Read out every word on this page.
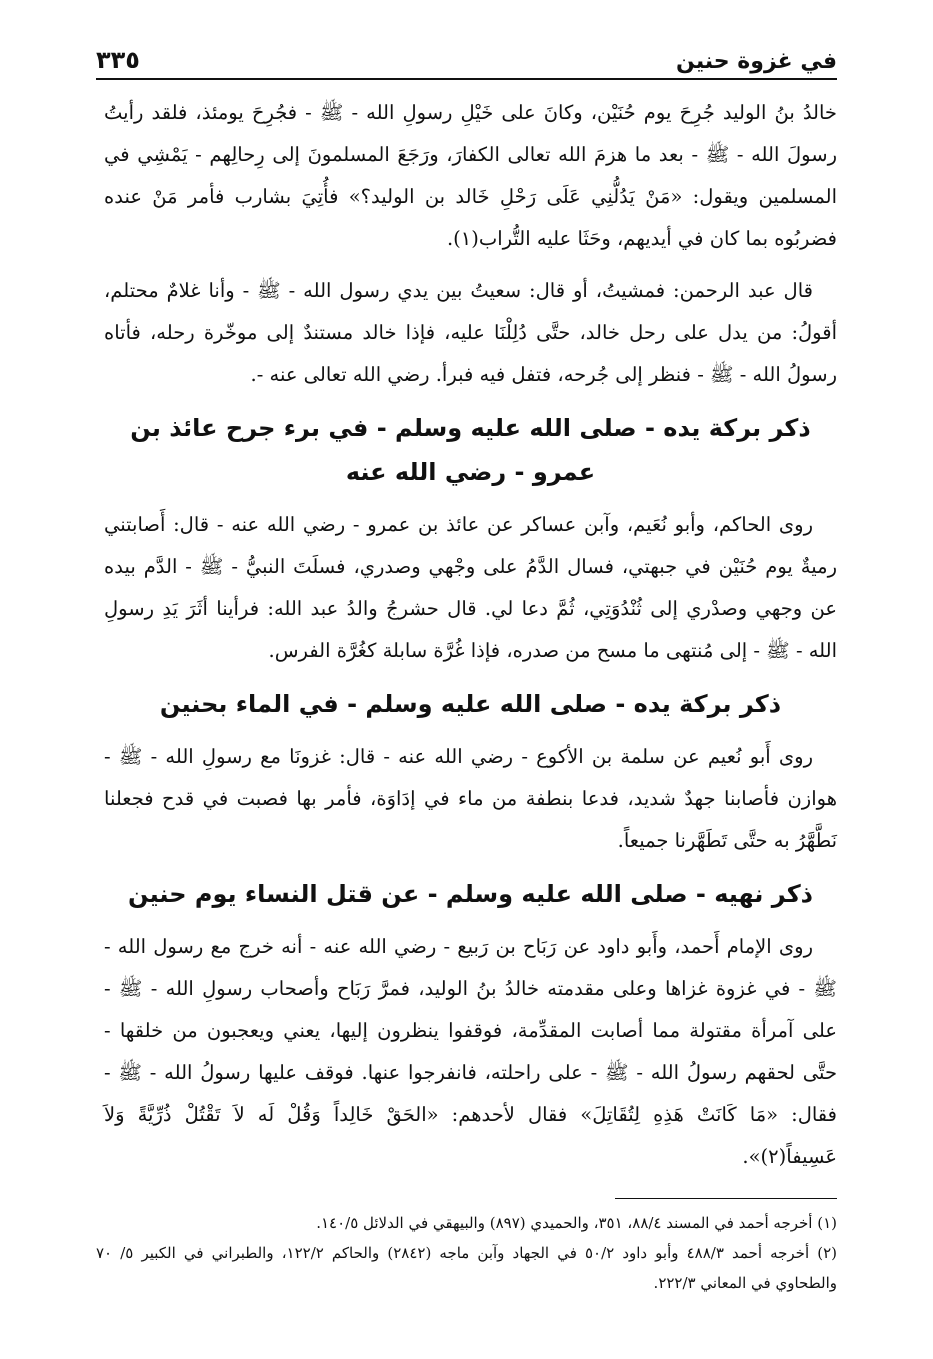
في غزوة حنين
٣٣٥

خالدُ بنُ الوليد جُرِحَ يوم حُنَيْن، وكانَ على خَيْلِ رسولِ الله - ﷺ - فجُرِحَ يومئذ، فلقد رأيتُ رسولَ الله - ﷺ - بعد ما هزمَ الله تعالى الكفارَ، ورَجَعَ المسلمونَ إلى رِحالِهم - يَمْشِي في المسلمين ويقول: «مَنْ يَدُلُّنِي عَلَى رَحْلِ خَالد بن الوليد؟» فأُتِيَ بشارب فأمر مَنْ عنده فضربُوه بما كان في أيديهم، وحَثَا عليه التُّراب(١).

قال عبد الرحمن: فمشيتُ، أو قال: سعيتُ بين يدي رسول الله - ﷺ - وأنا غلامٌ محتلم، أقولُ: من يدل على رحل خالد، حتَّى دُلِلْنَا عليه، فإذا خالد مستندٌ إلى موخّرة رحله، فأتاه رسولُ الله - ﷺ - فنظر إلى جُرحه، فتفل فيه فبرأ. رضي الله تعالى عنه -.

ذكر بركة يده - صلى الله عليه وسلم - في برء جرح عائذ بن عمرو - رضي الله عنه

روى الحاكم، وأبو نُعَيم، وآبن عساكر عن عائذ بن عمرو - رضي الله عنه - قال: أَصابتني رميةٌ يوم حُنَيْن في جبهتي، فسال الدَّمُ على وجْهي وصدري، فسلَتَ النبيُّ - ﷺ - الدَّم بيده عن وجهي وصدْري إلى ثُنْدُوَتِي، ثُمَّ دعا لي. قال حشرجُ والدُ عبد الله: فرأينا أثَرَ يَدِ رسولِ الله - ﷺ - إلى مُنتهى ما مسح من صدره، فإذا غُرَّة سابلة كغُرَّة الفرس.

ذكر بركة يده - صلى الله عليه وسلم - في الماء بحنين

روى أَبو نُعيم عن سلمة بن الأكوع - رضي الله عنه - قال: غزونَا مع رسولِ الله - ﷺ - هوازن فأصابنا جهدٌ شديد، فدعا بنطفة من ماء في إدَاوَة، فأمر بها فصبت في قدح فجعلنا نَطَّهَّرُ به حتَّى تَطَهَّرنا جميعاً.

ذكر نهيه - صلى الله عليه وسلم - عن قتل النساء يوم حنين

روى الإمام أَحمد، وأَبو داود عن رَبَاح بن رَبيع - رضي الله عنه - أنه خرج مع رسول الله - ﷺ - في غزوة غزاها وعلى مقدمته خالدُ بنُ الوليد، فمرَّ رَبَاح وأصحاب رسولِ الله - ﷺ - على آمرأة مقتولة مما أصابت المقدِّمة، فوقفوا ينظرون إليها، يعني ويعجبون من خلقها - حتَّى لحقهم رسولُ الله - ﷺ - على راحلته، فانفرجوا عنها. فوقف عليها رسولُ الله - ﷺ - فقال: «مَا كَانَتْ هَذِهِ لِتُقَاتِلَ» فقال لأحدهم: «الحَقْ خَالِداً وَقُلْ لَه لاَ تَقْتُلْ ذُرِّيَّةً وَلاَ عَسِيفاً(٢)».

(١) أخرجه أحمد في المسند ٨٨/٤، ٣٥١، والحميدي (٨٩٧) والبيهقي في الدلائل ١٤٠/٥.

(٢) أخرجه أحمد ٤٨٨/٣ وأبو داود ٥٠/٢ في الجهاد وآبن ماجه (٢٨٤٢) والحاكم ١٢٢/٢، والطبراني في الكبير ٥/ ٧٠ والطحاوي في المعاني ٢٢٢/٣.
